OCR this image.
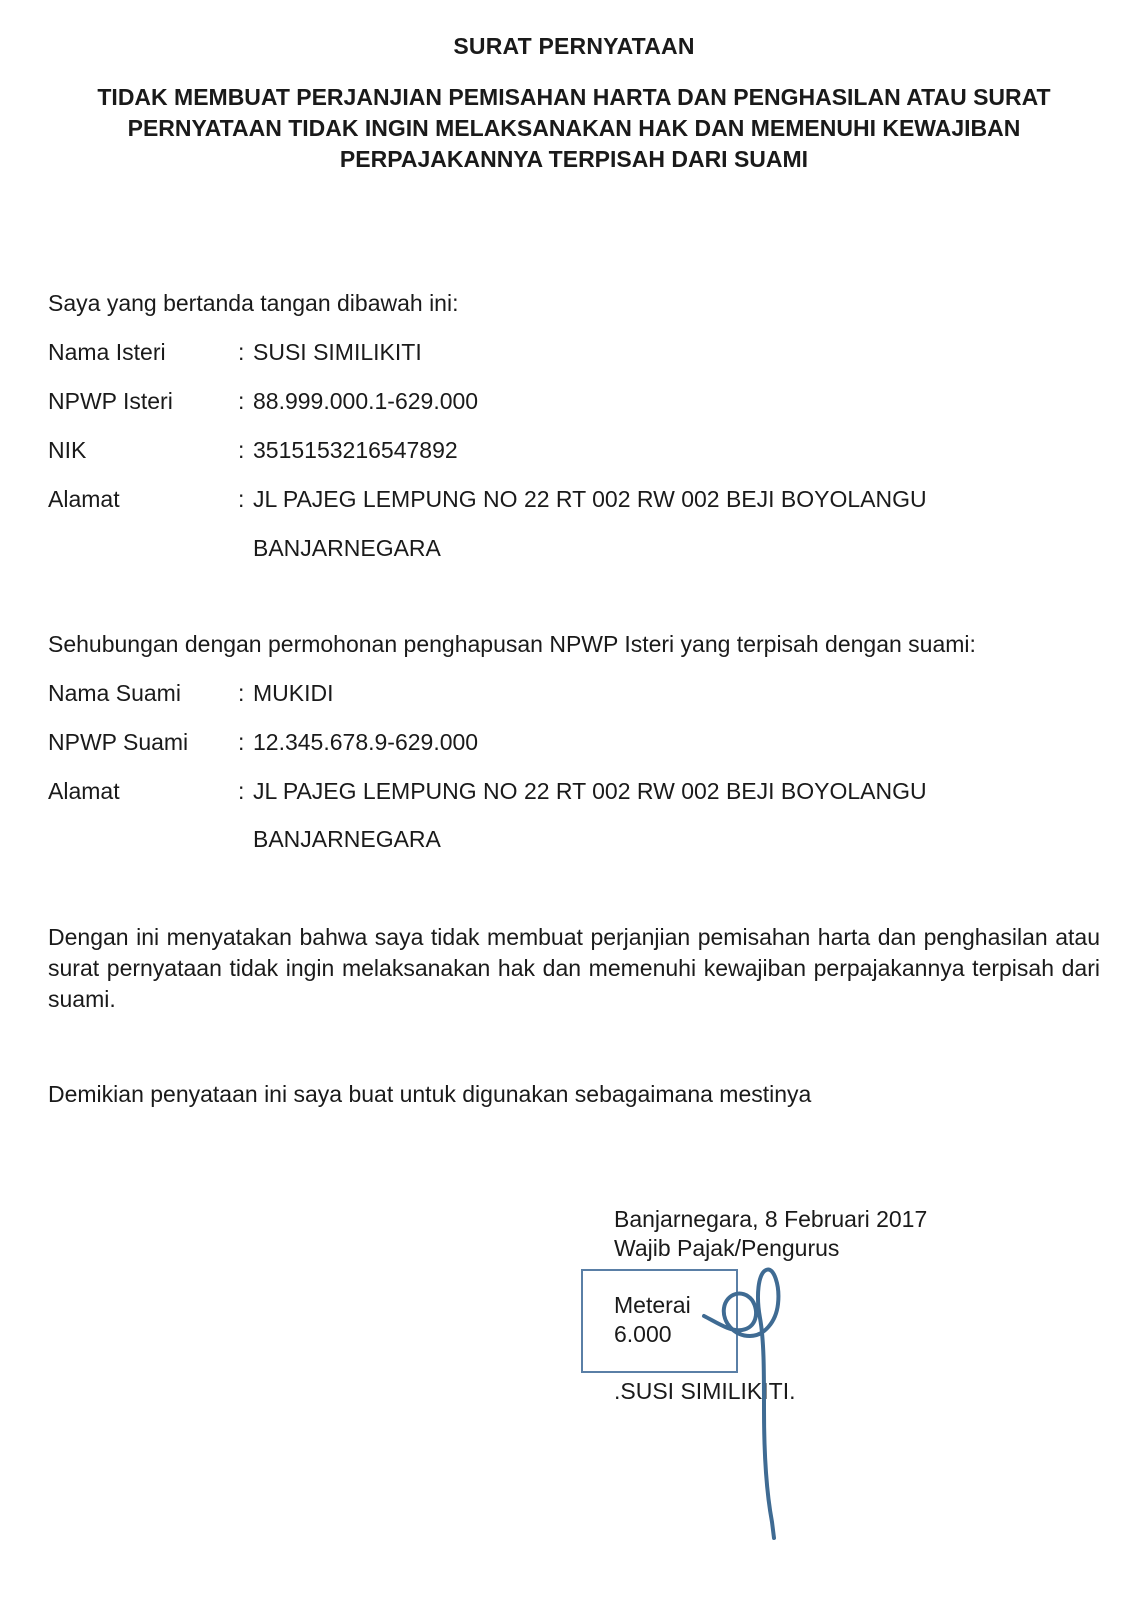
SURAT PERNYATAAN
TIDAK MEMBUAT PERJANJIAN PEMISAHAN HARTA DAN PENGHASILAN ATAU SURAT
PERNYATAAN TIDAK INGIN MELAKSANAKAN HAK DAN MEMENUHI KEWAJIBAN
PERPAJAKANNYA TERPISAH DARI SUAMI
Saya yang bertanda tangan dibawah ini:
Nama Isteri	: SUSI SIMILIKITI
NPWP Isteri	: 88.999.000.1-629.000
NIK	: 3515153216547892
Alamat	: JL PAJEG LEMPUNG NO 22 RT 002 RW 002 BEJI BOYOLANGU
BANJARNEGARA
Sehubungan dengan permohonan penghapusan NPWP Isteri yang terpisah dengan suami:
Nama Suami : MUKIDI
NPWP Suami : 12.345.678.9-629.000
Alamat	: JL PAJEG LEMPUNG NO 22 RT 002 RW 002 BEJI BOYOLANGU
BANJARNEGARA
Dengan ini menyatakan bahwa saya tidak membuat perjanjian pemisahan harta dan penghasilan atau surat pernyataan tidak ingin melaksanakan hak dan memenuhi kewajiban perpajakannya terpisah dari suami.
Demikian penyataan ini saya buat untuk digunakan sebagaimana mestinya
Banjarnegara, 8 Februari 2017
Wajib Pajak/Pengurus
Meterai
6.000
.SUSI SIMILIKITI.
